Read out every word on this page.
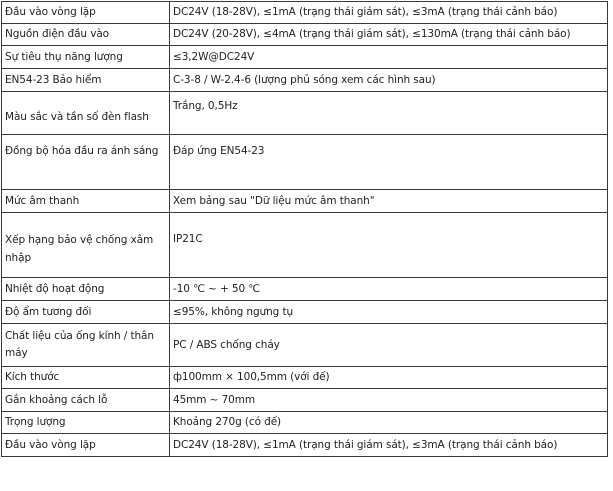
Đầu vào vòng lặp	DC24V (18-28V), ≤1mA (trạng thái giám sát), ≤3mA (trạng thái cảnh báo)
Nguồn điện đầu vào	DC24V (20-28V), ≤4mA (trạng thái giám sát), ≤130mA (trạng thái cảnh báo)
Sự tiêu thụ năng lượng	≤3,2W@DC24V
EN54-23 Bảo hiểm	C-3-8 / W-2.4-6 (lượng phủ sóng xem các hình sau)
Màu sắc và tần số đèn flash	Trắng, 0,5Hz
Đồng bộ hóa đầu ra ánh sáng	Đáp ứng EN54-23
Mức âm thanh	Xem bảng sau "Dữ liệu mức âm thanh"
Xếp hạng bảo vệ chống xâm nhập	IP21C
Nhiệt độ hoạt động	-10 ℃ ~ + 50 ℃
Độ ẩm tương đối	≤95%, không ngưng tụ
Chất liệu của ống kính / thân máy	PC / ABS chống cháy
Kích thước	ф100mm × 100,5mm (với đế)
Gắn khoảng cách lỗ	45mm ~ 70mm
Trọng lượng	Khoảng 270g (có đế)
Đầu vào vòng lặp	DC24V (18-28V), ≤1mA (trạng thái giám sát), ≤3mA (trạng thái cảnh báo)
